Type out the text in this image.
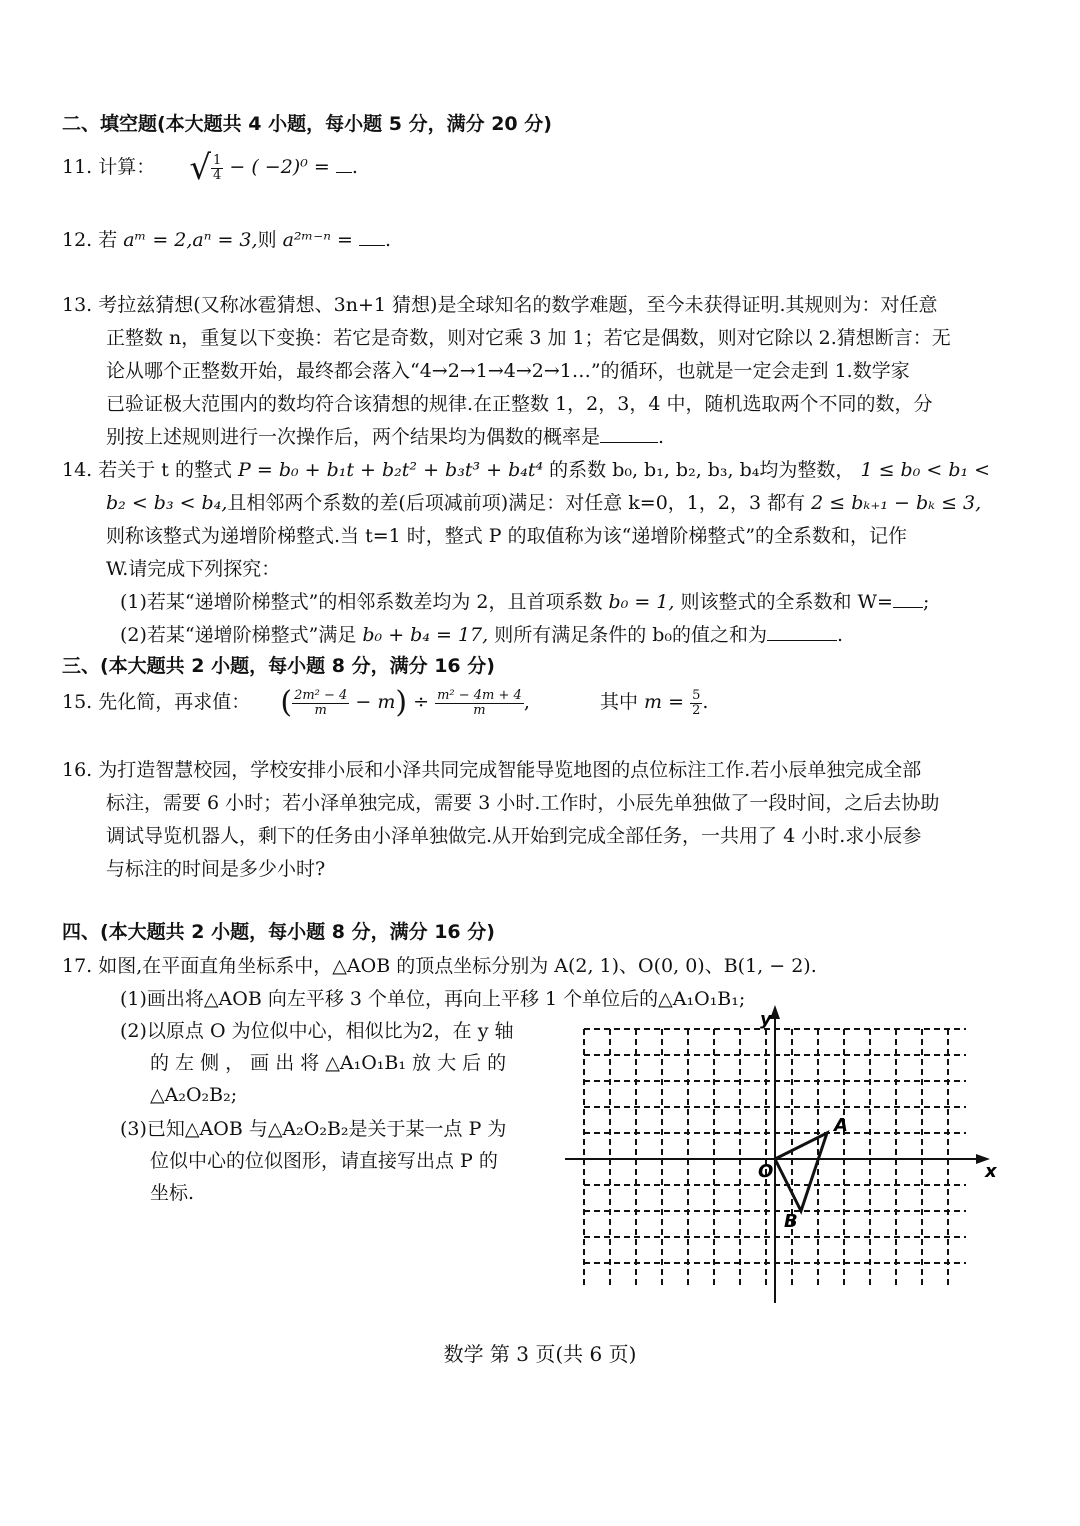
二、填空题(本大题共 4 小题，每小题 5 分，满分 20 分)
11. 计算： √ $\frac{1}{4}$ − ( −2)⁰ = .
12. 若 aᵐ = 2,aⁿ = 3,则 a²ᵐ⁻ⁿ = .
13. 考拉兹猜想(又称冰雹猜想、3n+1 猜想)是全球知名的数学难题，至今未获得证明.其规则为：对任意
正整数 n，重复以下变换：若它是奇数，则对它乘 3 加 1；若它是偶数，则对它除以 2.猜想断言：无
论从哪个正整数开始，最终都会落入“4→2→1→4→2→1…”的循环，也就是一定会走到 1.数学家
已验证极大范围内的数均符合该猜想的规律.在正整数 1，2，3，4 中，随机选取两个不同的数，分
别按上述规则进行一次操作后，两个结果均为偶数的概率是	.
14. 若关于 t 的整式 P = b₀ + b₁t + b₂t² + b₃t³ + b₄t⁴ 的系数 b₀, b₁, b₂, b₃, b₄均为整数， 1 ≤ b₀ < b₁ <
b₂ < b₃ < b₄,且相邻两个系数的差(后项减前项)满足：对任意 k=0，1，2，3 都有 2 ≤ bₖ₊₁ − bₖ ≤ 3,
则称该整式为递增阶梯整式.当 t=1 时，整式 P 的取值称为该“递增阶梯整式”的全系数和，记作
W.请完成下列探究：
(1)若某“递增阶梯整式”的相邻系数差均为 2，且首项系数 b₀ = 1, 则该整式的全系数和 W= ;
(2)若某“递增阶梯整式”满足 b₀ + b₄ = 17, 则所有满足条件的 b₀的值之和为	.
三、(本大题共 2 小题，每小题 8 分，满分 16 分)
15. 先化简，再求值： ( $\frac{\text{2m² − 4}}{m} - m) \div \frac{\text{m² − 4m + 4}}{m}$ ,	其中 $m = \frac{5}{2}$ .
16. 为打造智慧校园，学校安排小辰和小泽共同完成智能导览地图的点位标注工作.若小辰单独完成全部
标注，需要 6 小时；若小泽单独完成，需要 3 小时.工作时，小辰先单独做了一段时间，之后去协助
调试导览机器人，剩下的任务由小泽单独做完.从开始到完成全部任务，一共用了 4 小时.求小辰参
与标注的时间是多少小时?
四、(本大题共 2 小题，每小题 8 分，满分 16 分)
17. 如图,在平面直角坐标系中，△AOB 的顶点坐标分别为 A(2, 1)、O(0, 0)、B(1, − 2).
(1)画出将△AOB 向左平移 3 个单位，再向上平移 1 个单位后的△A₁O₁B₁;
(2)以原点 O 为位似中心，相似比为2，在 y 轴
的 左 侧 ， 画 出 将 △A₁O₁B₁ 放 大 后 的
△A₂O₂B₂;
(3)已知△AOB 与△A₂O₂B₂是关于某一点 P 为
位似中心的位似图形，请直接写出点 P 的
坐标.
x
y
O
A
B
数学 第 3 页(共 6 页)
